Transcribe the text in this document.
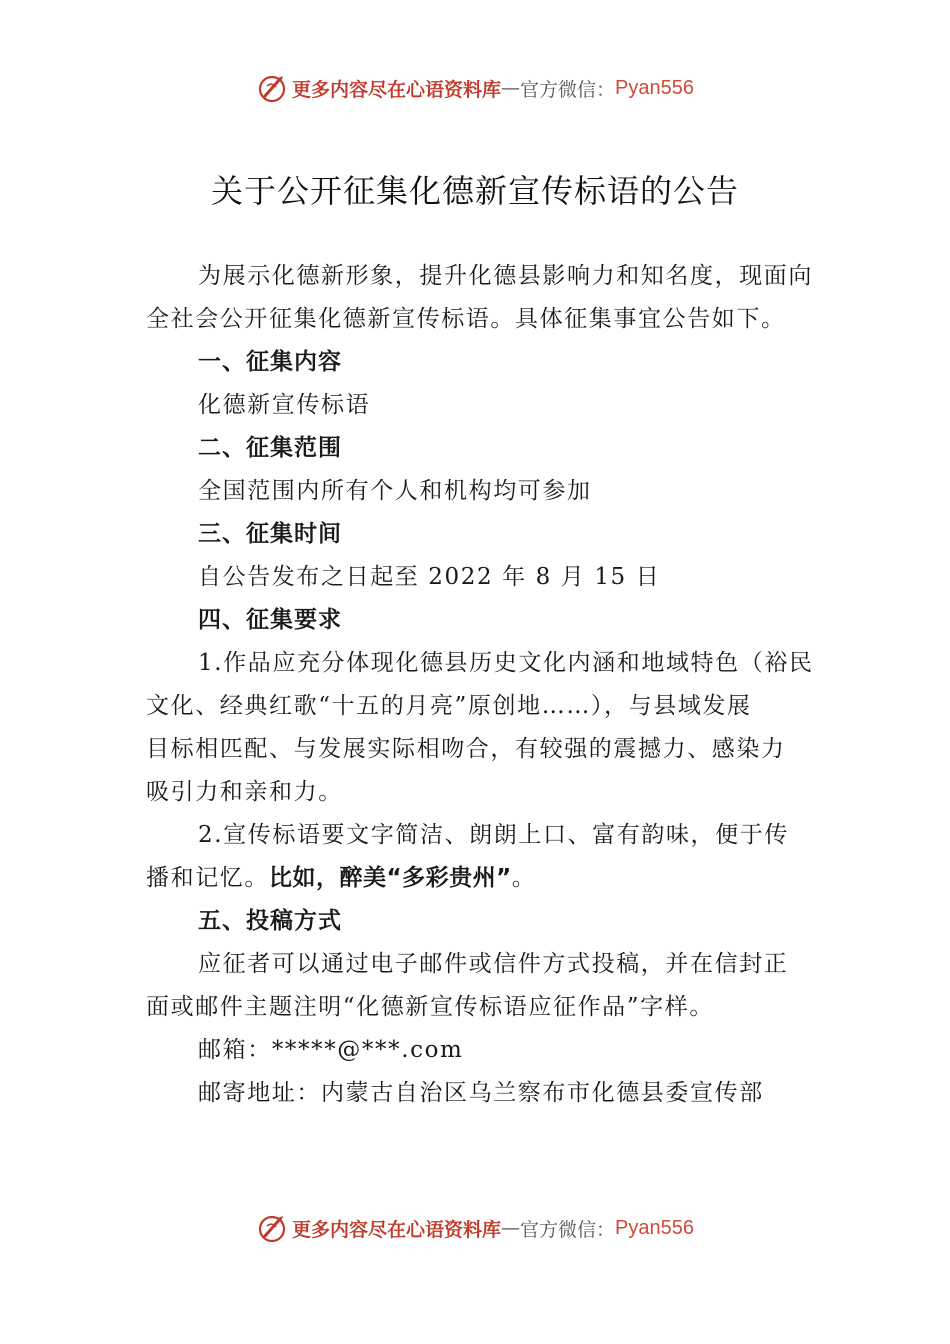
更多内容尽在心语资料库 — 官方微信： Pyan556
关于公开征集化德新宣传标语的公告

为展示化德新形象，提升化德县影响力和知名度，现面向

全社会公开征集化德新宣传标语。具体征集事宜公告如下。

一、征集内容

化德新宣传标语

二、征集范围

全国范围内所有个人和机构均可参加

三、征集时间

自公告发布之日起至 2022 年 8 月 15 日

四、征集要求

1.作品应充分体现化德县历史文化内涵和地域特色（裕民

文化、经典红歌“十五的月亮”原创地……），与县域发展

目标相匹配、与发展实际相吻合，有较强的震撼力、感染力

吸引力和亲和力。

2.宣传标语要文字简洁、朗朗上口、富有韵味，便于传

播和记忆。比如，醉美“多彩贵州”。

五、投稿方式

应征者可以通过电子邮件或信件方式投稿，并在信封正

面或邮件主题注明“化德新宣传标语应征作品”字样。

邮箱：*****@***.com

邮寄地址：内蒙古自治区乌兰察布市化德县委宣传部

更多内容尽在心语资料库 — 官方微信： Pyan556
